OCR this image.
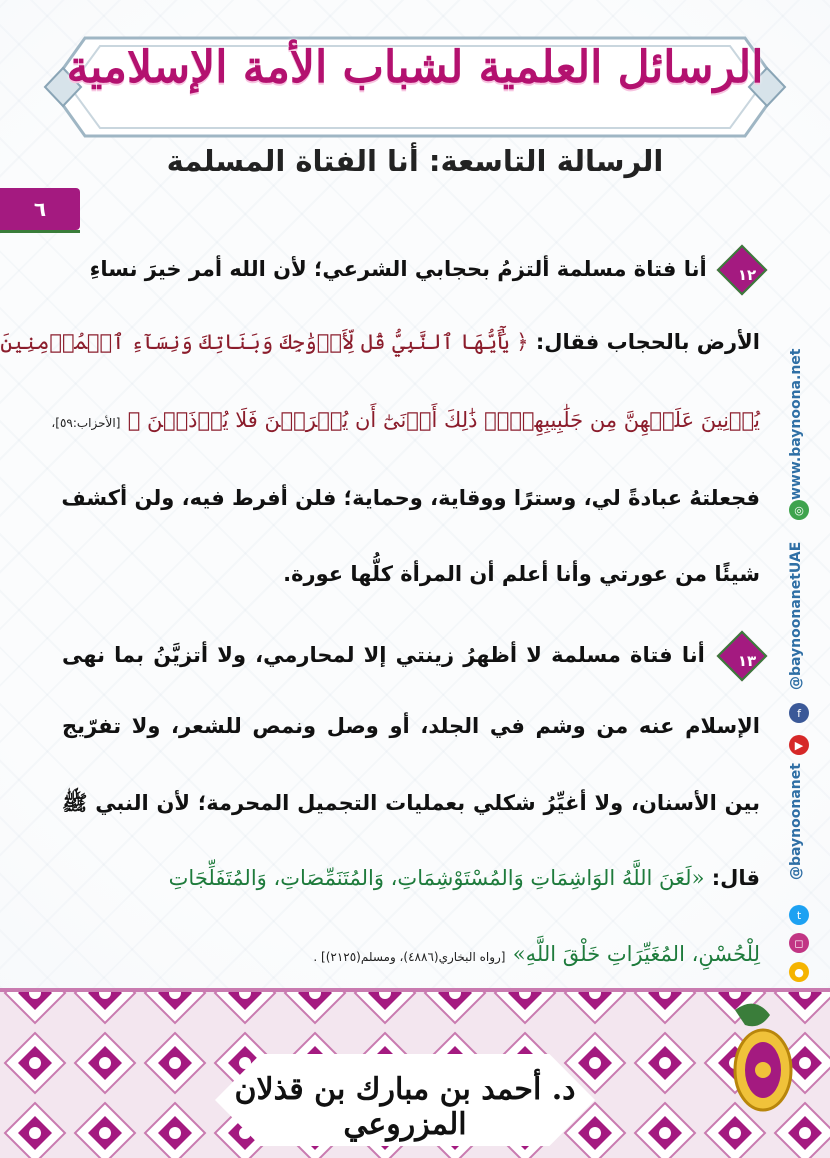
الرسائل العلمية لشباب الأمة الإسلامية
الرسالة التاسعة: أنا الفتاة المسلمة
٦
www.baynoona.net
@baynoonanetUAE
@baynoonanet
◎
f
▶
t
◻
●
١٢ أنا فتاة مسلمة ألتزمُ بحجابي الشرعي؛ لأن الله أمر خيرَ نساءِ
الأرض بالحجاب فقال: ﴿ يَٰٓأَيُّهَا ٱلنَّبِيُّ قُل لِّأَزۡوَٰجِكَ وَبَنَاتِكَ وَنِسَآءِ ٱلۡمُؤۡمِنِينَ
يُدۡنِينَ عَلَيۡهِنَّ مِن جَلَٰبِيبِهِنَّۚ ذَٰلِكَ أَدۡنَىٰٓ أَن يُعۡرَفۡنَ فَلَا يُؤۡذَيۡنَ ﴾ [الأحزاب:٥٩]،
فجعلتهُ عبادةً لي، وسترًا ووقاية، وحماية؛ فلن أفرط فيه، ولن أكشف
شيئًا من عورتي وأنا أعلم أن المرأة كلُّها عورة.
١٣ أنا فتاة مسلمة لا أظهرُ زينتي إلا لمحارمي، ولا أتزيَّنُ بما نهى
الإسلام عنه من وشم في الجلد، أو وصل ونمص للشعر، ولا تفرّيج
بين الأسنان، ولا أغيِّرُ شكلي بعمليات التجميل المحرمة؛ لأن النبي ﷺ
قال: «لَعَنَ اللَّهُ الوَاشِمَاتِ وَالمُسْتَوْشِمَاتِ، وَالمُتَنَمِّصَاتِ، وَالمُتَفَلِّجَاتِ
لِلْحُسْنِ، المُغَيِّرَاتِ خَلْقَ اللَّهِ» [رواه البخاري(٤٨٨٦)، ومسلم(٢١٢٥)] .
د. أحمد بن مبارك بن قذلان المزروعي
